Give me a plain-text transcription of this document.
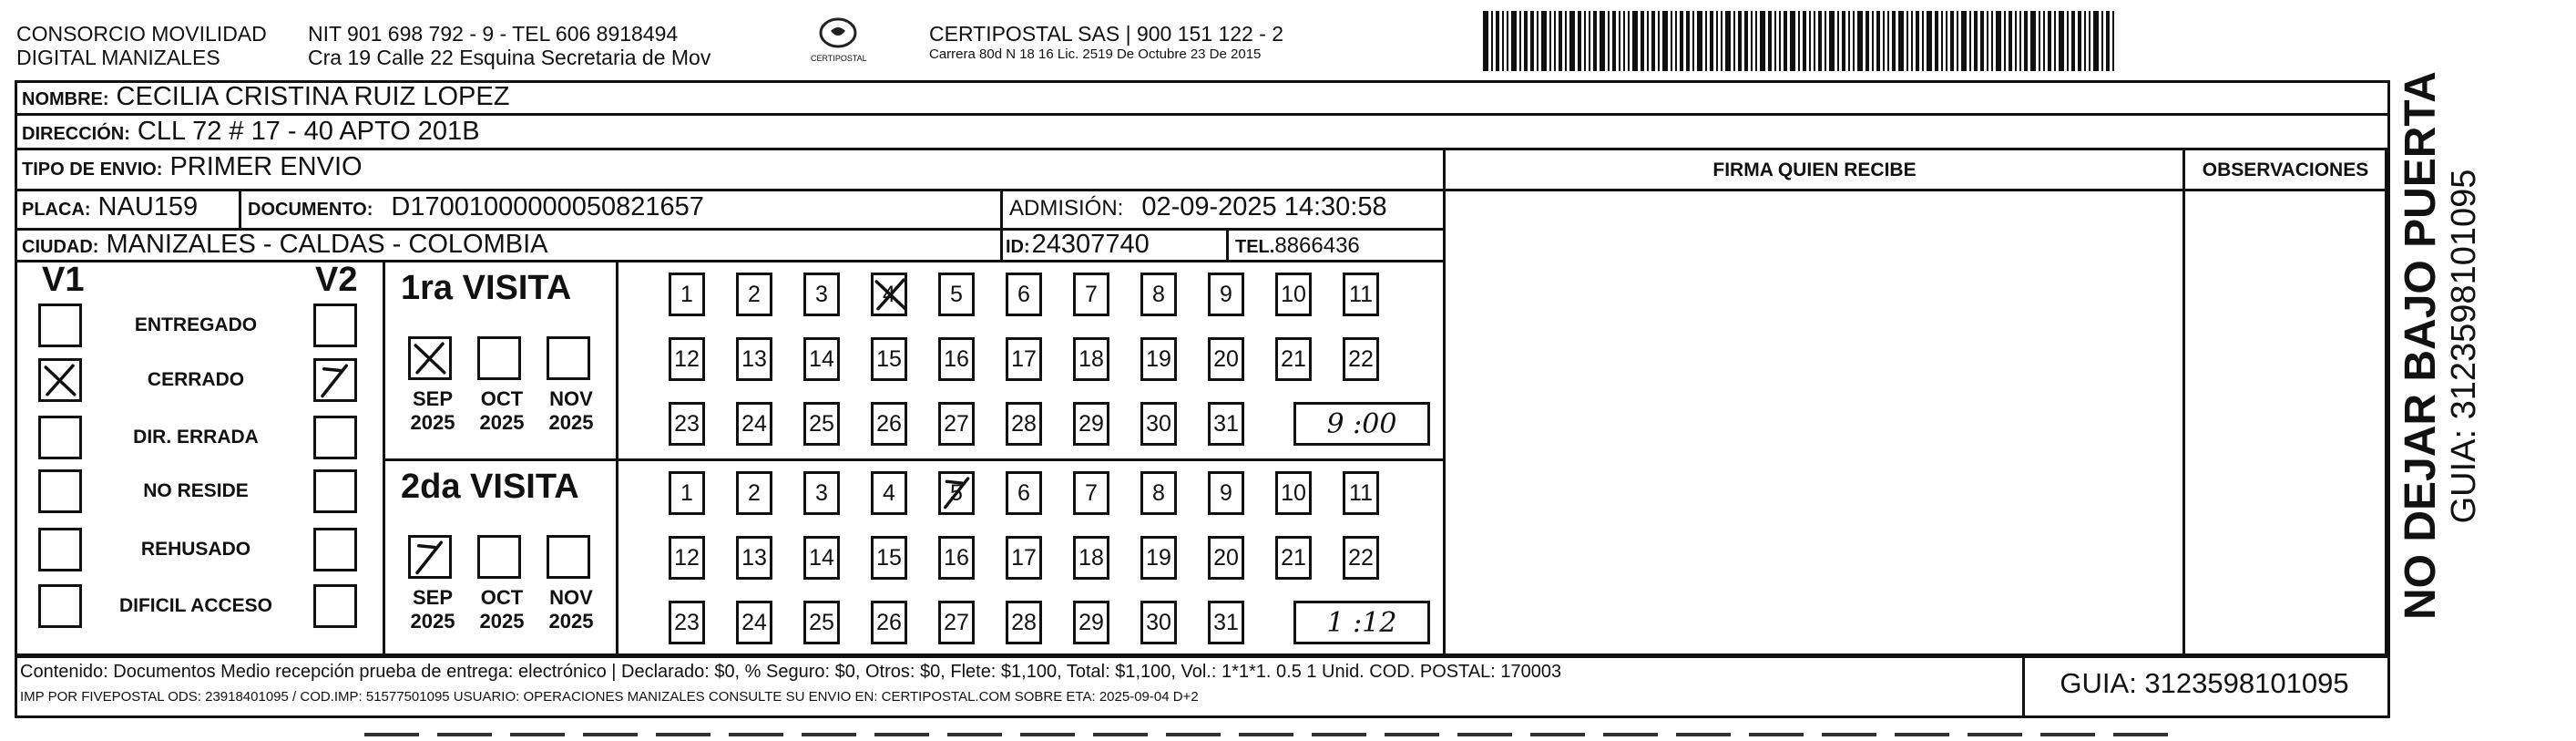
CONSORCIO MOVILIDAD
DIGITAL MANIZALES
NIT 901 698 792 - 9 - TEL 606 8918494
Cra 19 Calle 22 Esquina Secretaria de Mov	CERTIPOSTAL
CERTIPOSTAL SAS | 900 151 122 - 2
Carrera 80d N 18 16 Lic. 2519 De Octubre 23 De 2015
NOMBRE: CECILIA CRISTINA RUIZ LOPEZ
DIRECCIÓN: CLL 72 # 17 - 40 APTO 201B
TIPO DE ENVIO: PRIMER ENVIO
PLACA: NAU159	DOCUMENTO: D17001000000050821657	ADMISIÓN: 02-09-2025 14:30:58
CIUDAD: MANIZALES - CALDAS - COLOMBIA	ID: 24307740	TEL. 8866436
FIRMA QUIEN RECIBE	OBSERVACIONES
V1	V2
ENTREGADO
CERRADO
DIR. ERRADA
NO RESIDE
REHUSADO
DIFICIL ACCESO
1ra VISITA
SEP
2025
OCT
2025
NOV
2025
1 2 3 4 5 6 7 8 9 10 11
12 13 14 15 16 17 18 19 20 21 22
23 24 25 26 27 28 29 30 31	9 :00
2da VISITA
SEP
2025
OCT
2025
NOV
2025
1 2 3 4 5 6 7 8 9 10 11
12 13 14 15 16 17 18 19 20 21 22
23 24 25 26 27 28 29 30 31	1 :12
Contenido: Documentos Medio recepción prueba de entrega: electrónico | Declarado: $0, % Seguro: $0, Otros: $0, Flete: $1,100, Total: $1,100, Vol.: 1*1*1. 0.5 1 Unid. COD. POSTAL: 170003
IMP POR FIVEPOSTAL ODS: 23918401095 / COD.IMP: 51577501095 USUARIO: OPERACIONES MANIZALES CONSULTE SU ENVIO EN: CERTIPOSTAL.COM SOBRE ETA: 2025-09-04 D+2	GUIA: 3123598101095
NO DEJAR BAJO PUERTA GUIA: 3123598101095
